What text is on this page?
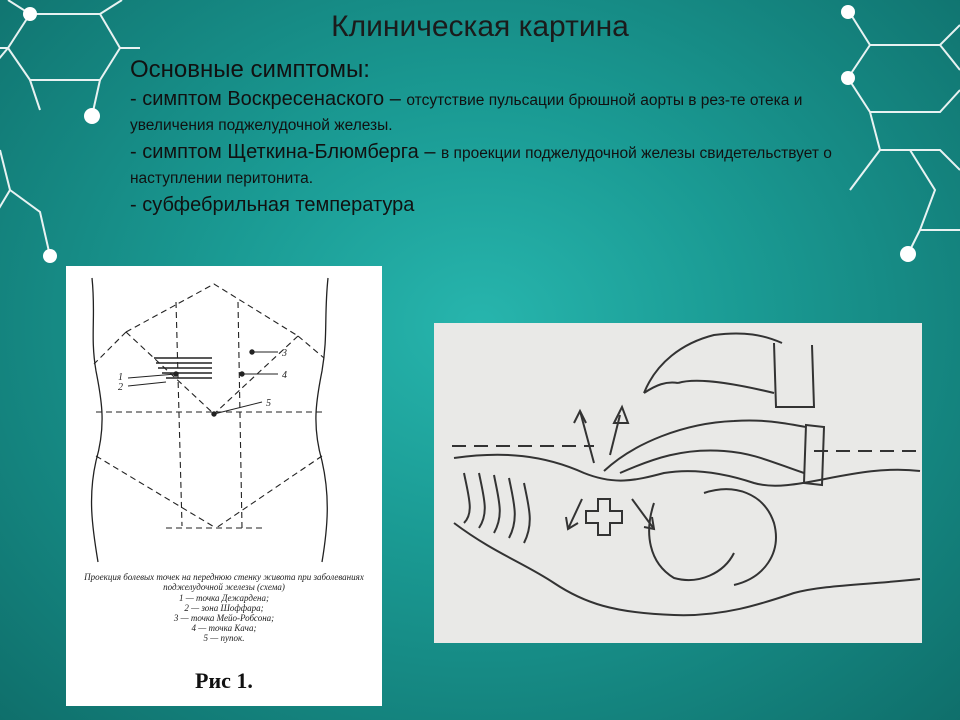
Клиническая картина
Основные симптомы:

- симптом Воскресенаского – отсутствие пульсации брюшной аорты в рез-те отека и увеличения поджелудочной железы.

- симптом Щеткина-Блюмберга – в проекции поджелудочной железы свидетельствует о наступлении перитонита.

- субфебрильная температура

1
2
3
4
5
Проекция болевых точек на переднюю стенку живота при заболеваниях поджелудочной железы (схема)
1 — точка Дежардена;
2 — зона Шоффара;
3 — точка Мейо-Робсона;
4 — точка Кача;
5 — пупок.
Рис 1.
